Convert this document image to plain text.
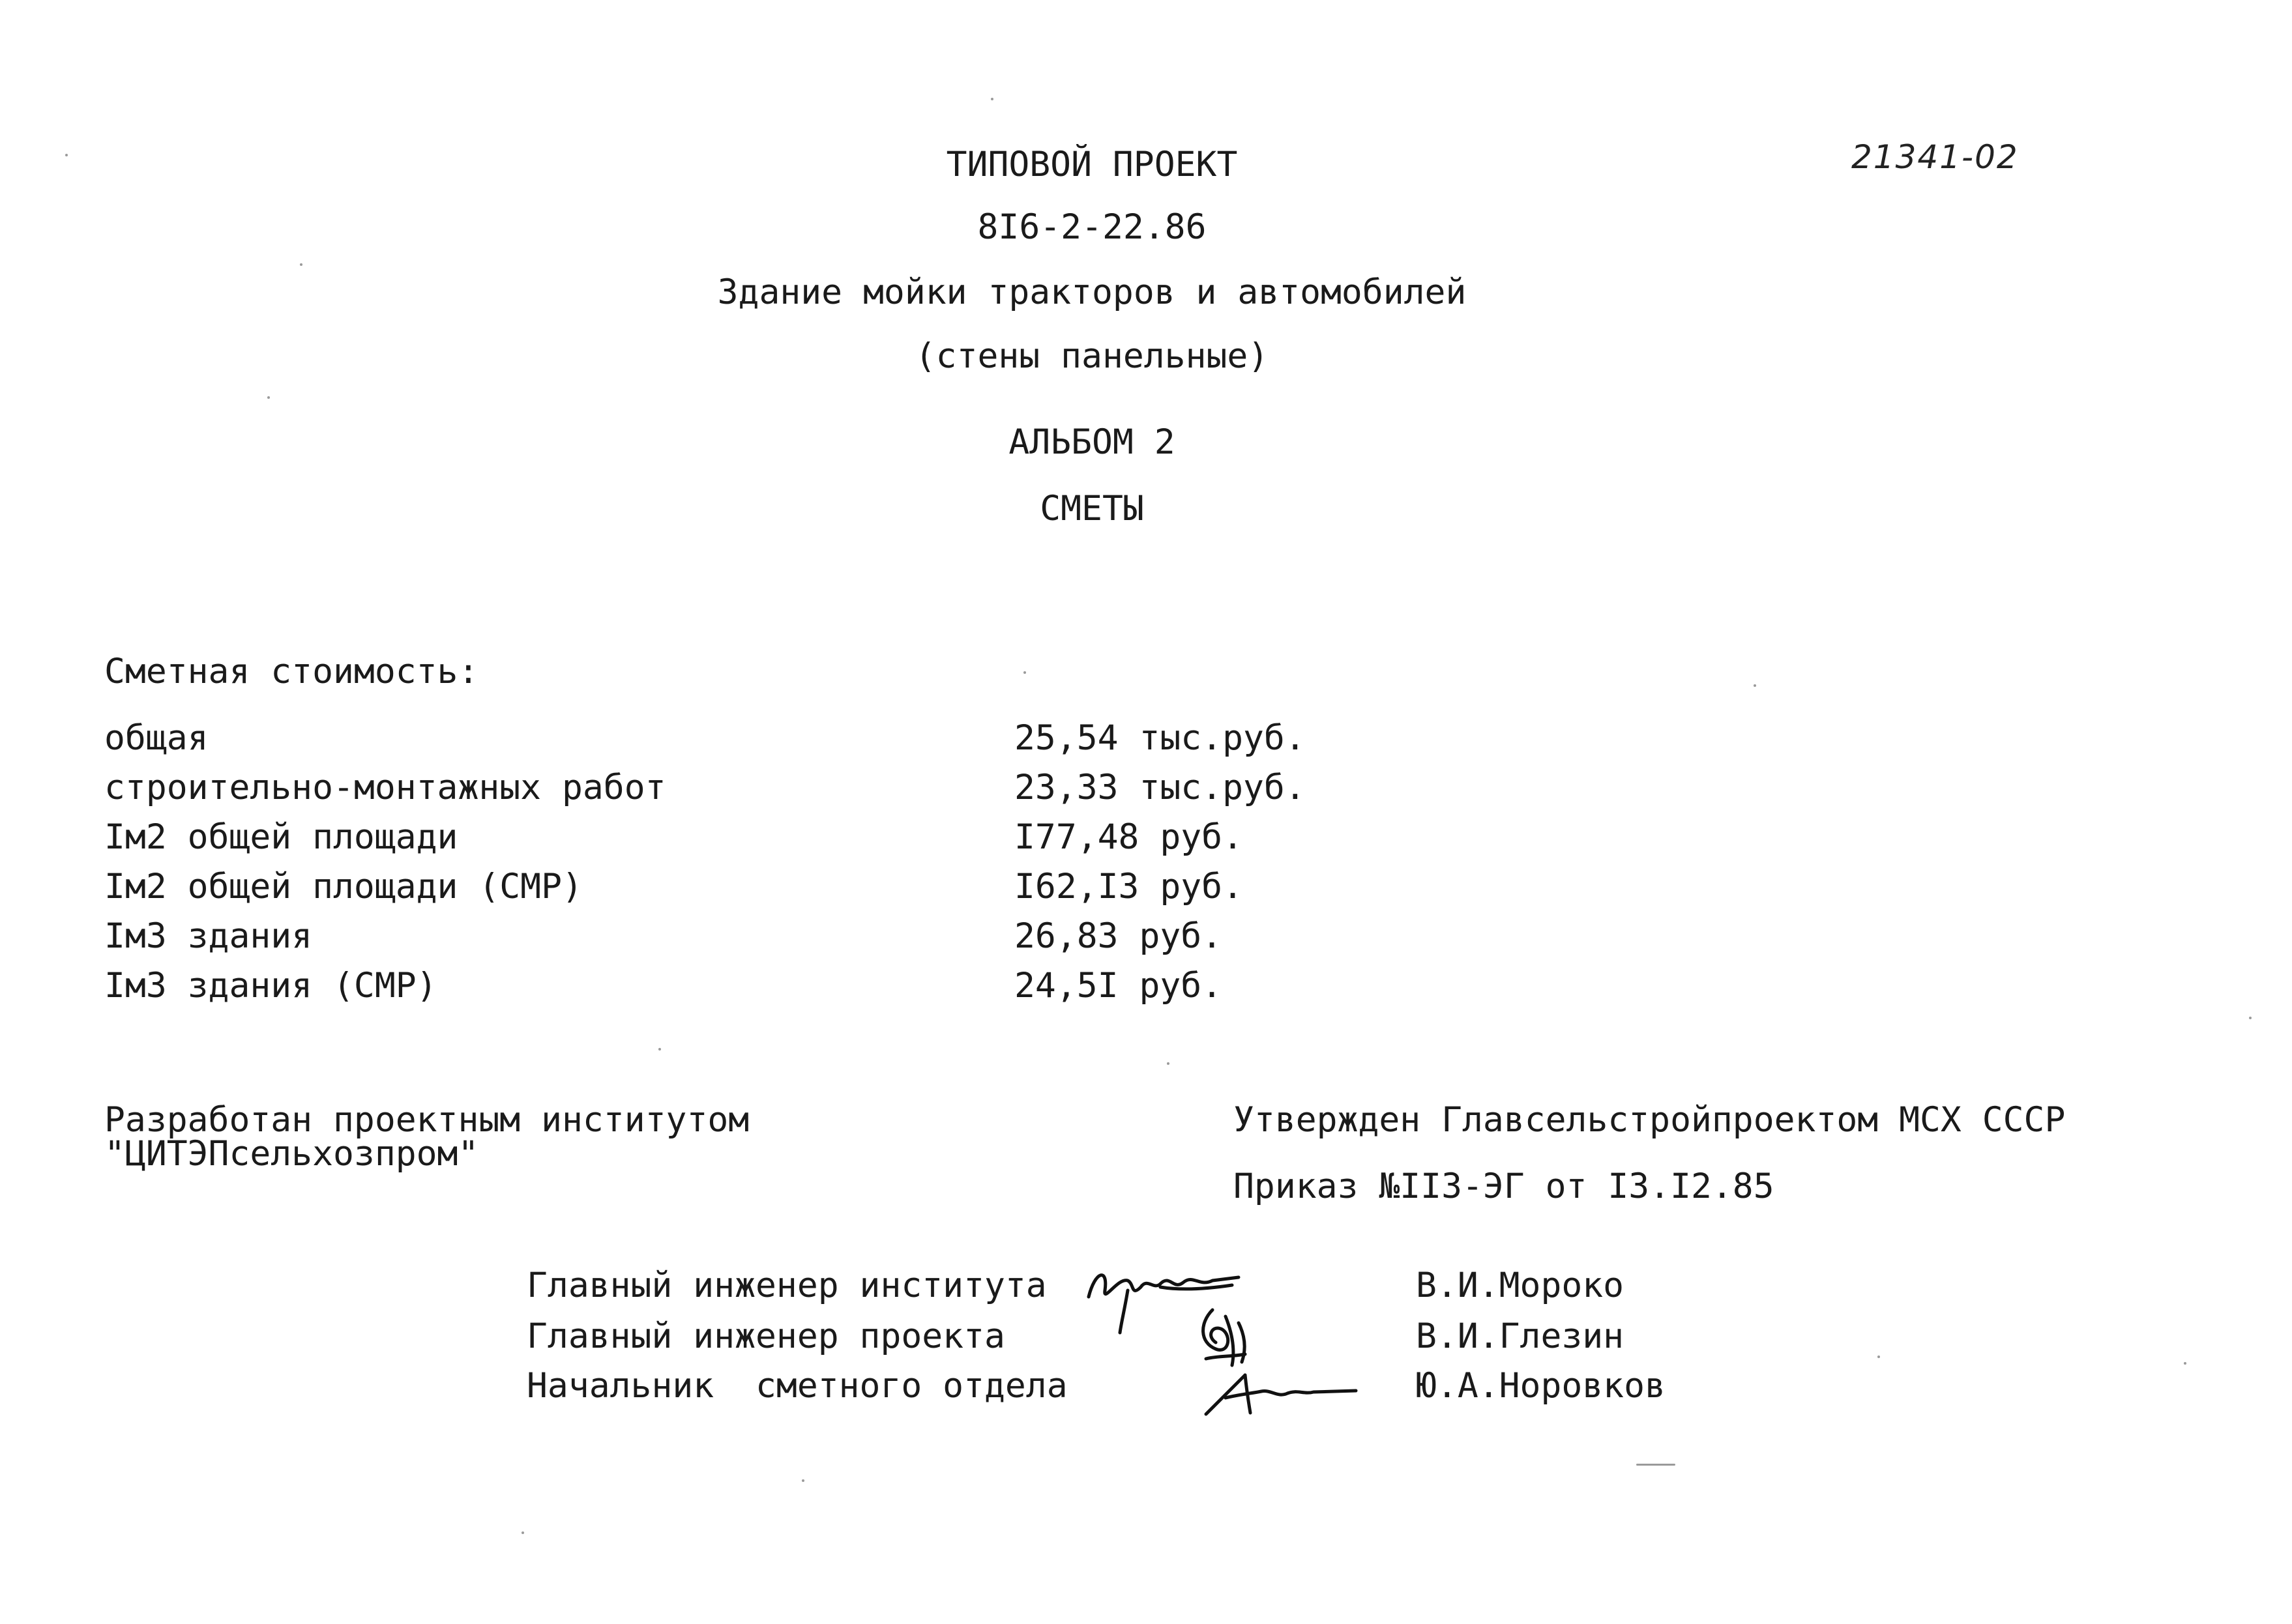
21341-02
ТИПОВОЙ ПРОЕКТ
8I6-2-22.86
Здание мойки тракторов и автомобилей
(стены панельные)
АЛЬБОМ 2
СМЕТЫ
Сметная стоимость:
общая	25,54 тыс.руб.
строительно-монтажных работ	23,33 тыс.руб.
Iм2 общей площади	I77,48 руб.
Iм2 общей площади (СМР)	I62,I3 руб.
Iм3 здания	26,83 руб.
Iм3 здания (СМР)	24,5I руб.
Разработан проектным институтом
"ЦИТЭПсельхозпром"
Утвержден Главсельстройпроектом МСХ СССР
Приказ №II3-ЭГ от I3.I2.85
Главный инженер института	В.И.Мороко
Главный инженер проекта	В.И.Глезин
Начальник  сметного отдела	Ю.А.Норовков
